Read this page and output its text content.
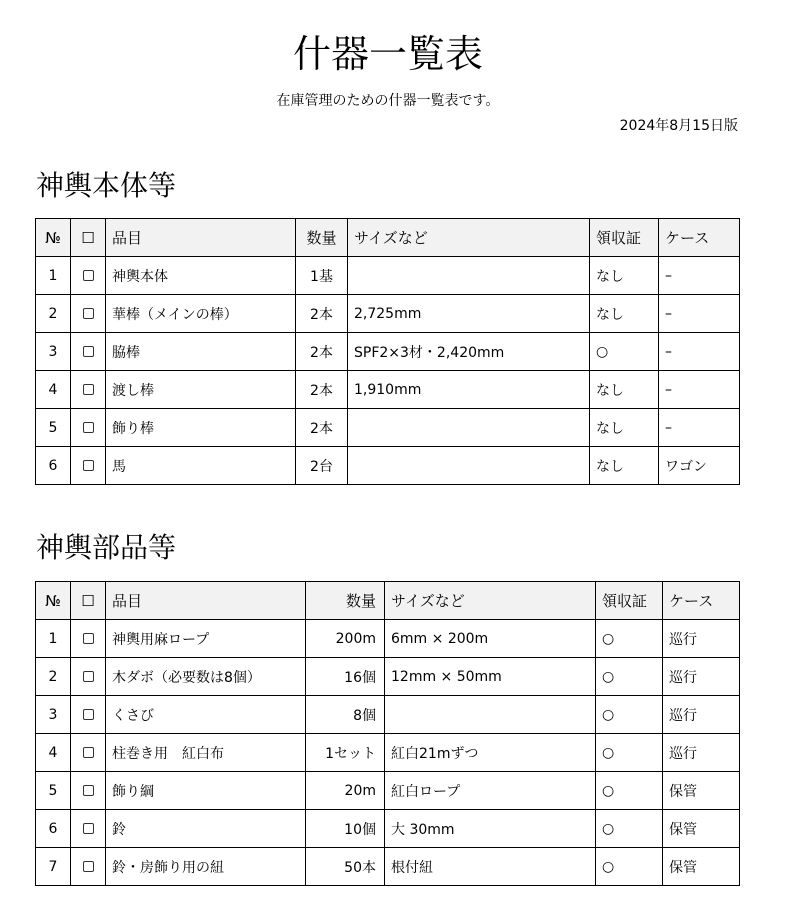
什器一覧表
在庫管理のための什器一覧表です。
2024年8月15日版
神輿本体等
№	☐	品目	数量	サイズなど	領収証	ケース
1		神輿本体	1基		なし	–
2		華棒（メインの棒）	2本	2,725mm	なし	–
3		脇棒	2本	SPF2×3材・2,420mm	○	–
4		渡し棒	2本	1,910mm	なし	–
5		飾り棒	2本		なし	–
6		馬	2台		なし	ワゴン
神輿部品等
№	☐	品目	数量	サイズなど	領収証	ケース
1		神輿用麻ロープ	200m	6mm × 200m	○	巡行
2		木ダボ（必要数は8個）	16個	12mm × 50mm	○	巡行
3		くさび	8個		○	巡行
4		柱巻き用　紅白布	1セット	紅白21mずつ	○	巡行
5		飾り綱	20m	紅白ロープ	○	保管
6		鈴	10個	大 30mm	○	保管
7		鈴・房飾り用の紐	50本	根付紐	○	保管
